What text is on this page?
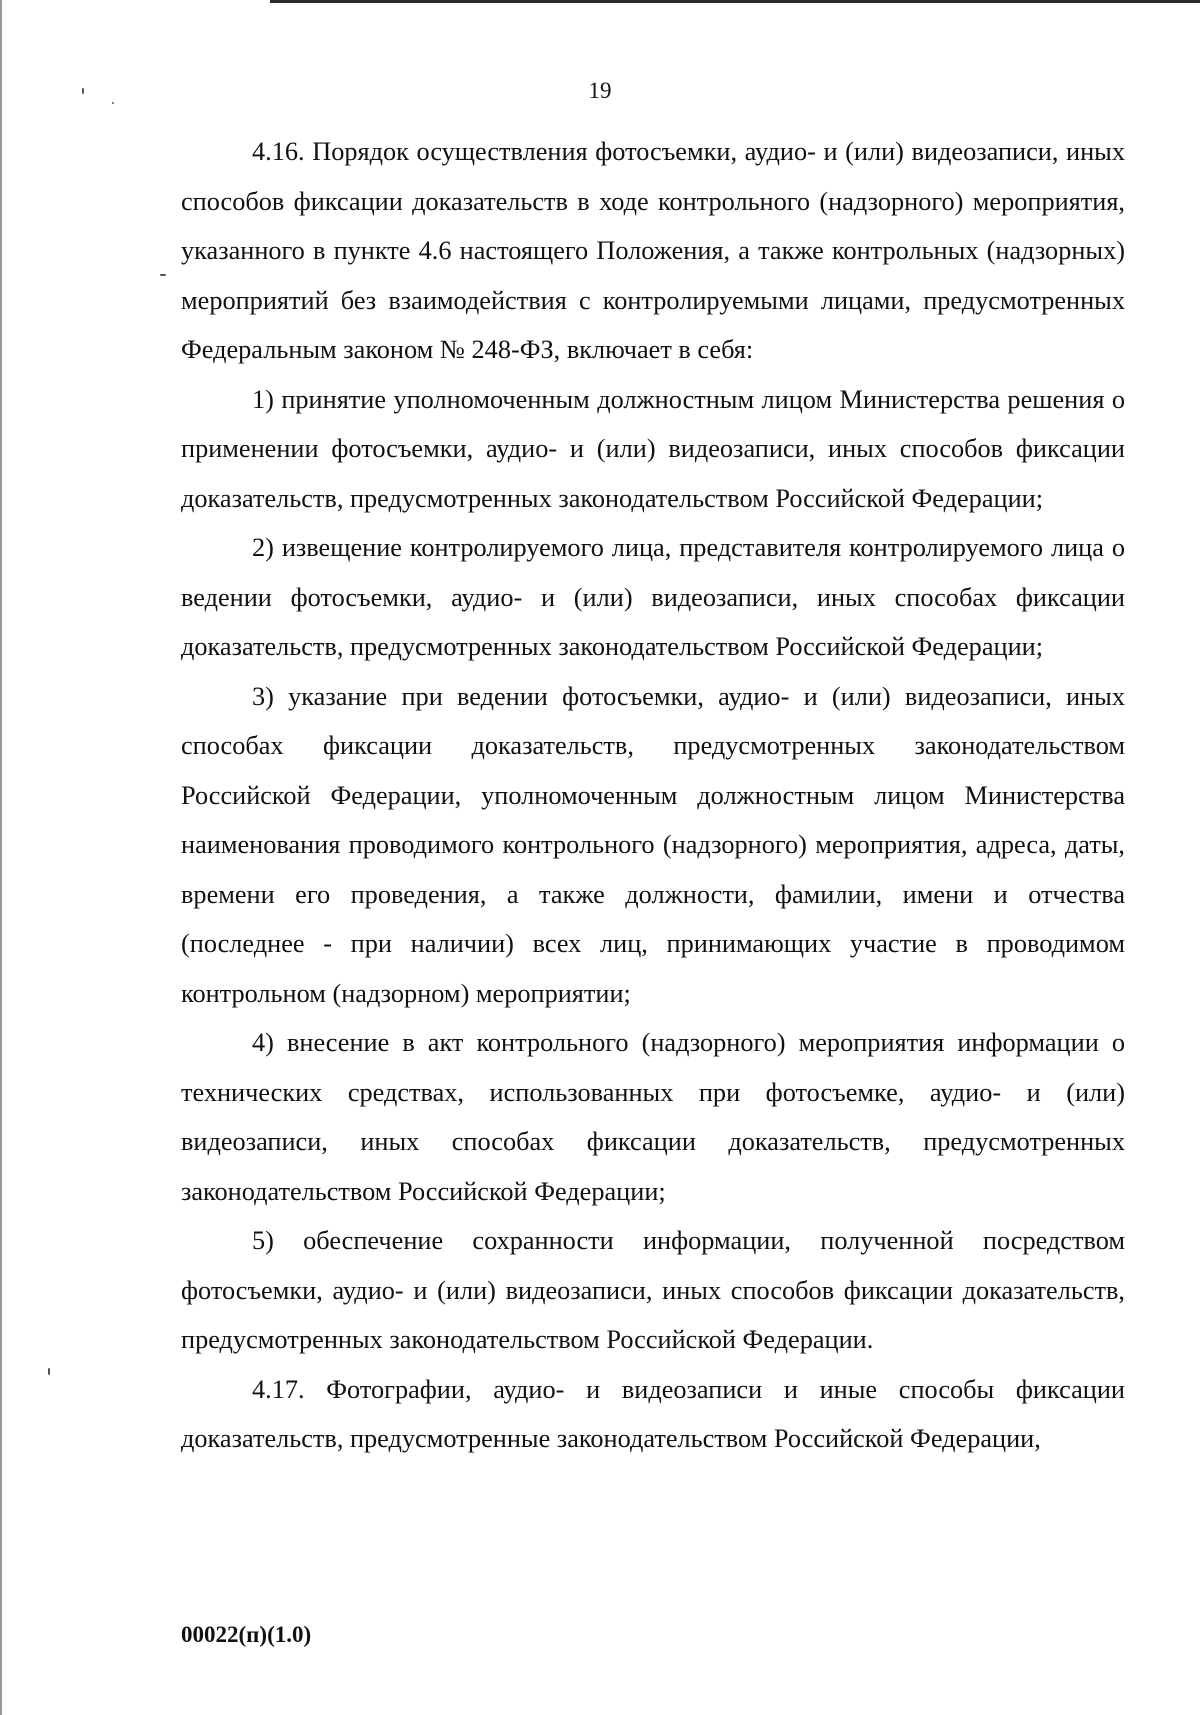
19

4.16. Порядок осуществления фотосъемки, аудио- и (или) видеозаписи, иных способов фиксации доказательств в ходе контрольного (надзорного) мероприятия, указанного в пункте 4.6 настоящего Положения, а также контрольных (надзорных) мероприятий без взаимодействия с контролируемыми лицами, предусмотренных Федеральным законом № 248-ФЗ, включает в себя:

1) принятие уполномоченным должностным лицом Министерства решения о применении фотосъемки, аудио- и (или) видеозаписи, иных способов фиксации доказательств, предусмотренных законодательством Российской Федерации;

2) извещение контролируемого лица, представителя контролируемого лица о ведении фотосъемки, аудио- и (или) видеозаписи, иных способах фиксации доказательств, предусмотренных законодательством Российской Федерации;

3) указание при ведении фотосъемки, аудио- и (или) видеозаписи, иных способах фиксации доказательств, предусмотренных законодательством Российской Федерации, уполномоченным должностным лицом Министерства наименования проводимого контрольного (надзорного) мероприятия, адреса, даты, времени его проведения, а также должности, фамилии, имени и отчества (последнее - при наличии) всех лиц, принимающих участие в проводимом контрольном (надзорном) мероприятии;

4) внесение в акт контрольного (надзорного) мероприятия информации о технических средствах, использованных при фотосъемке, аудио- и (или) видеозаписи, иных способах фиксации доказательств, предусмотренных законодательством Российской Федерации;

5) обеспечение сохранности информации, полученной посредством фотосъемки, аудио- и (или) видеозаписи, иных способов фиксации доказательств, предусмотренных законодательством Российской Федерации.

4.17. Фотографии, аудио- и видеозаписи и иные способы фиксации доказательств, предусмотренные законодательством Российской Федерации,

00022(п)(1.0)
